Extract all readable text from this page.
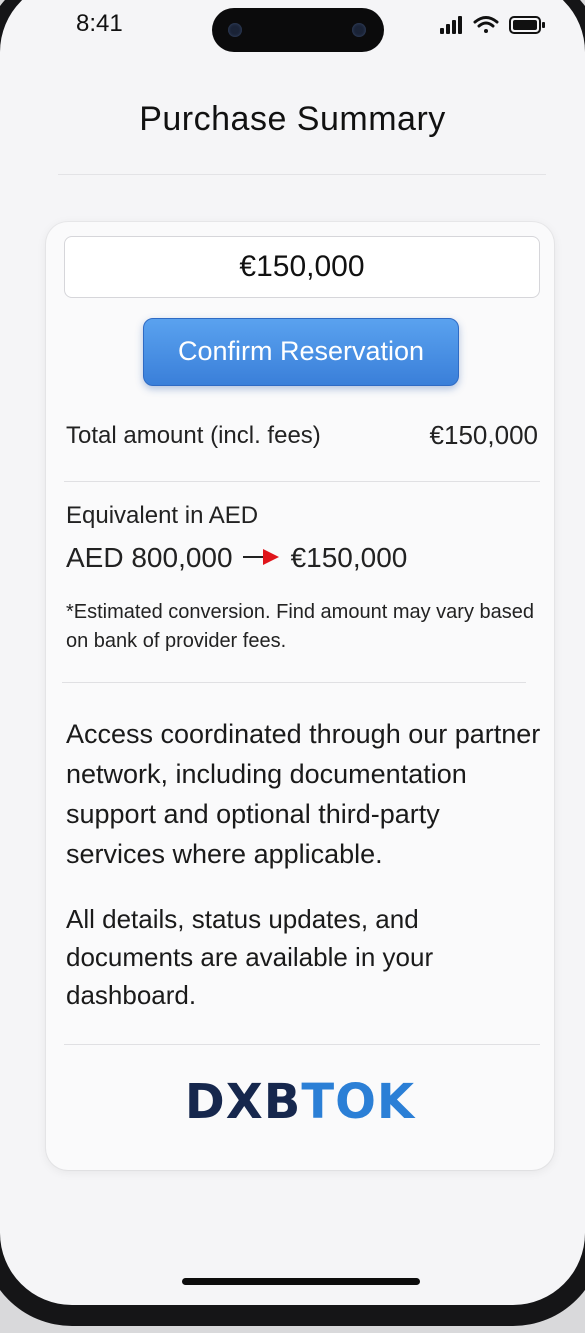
8:41
Purchase Summary
€150,000
Confirm Reservation
Total amount (incl. fees)	€150,000
Equivalent in AED
AED 800,000 €150,000
*Estimated conversion. Find amount may vary based on bank of provider fees.
Access coordinated through our partner network, including documentation support and optional third-party services where applicable.
All details, status updates, and documents are available in your dashboard.
DXBTOK
